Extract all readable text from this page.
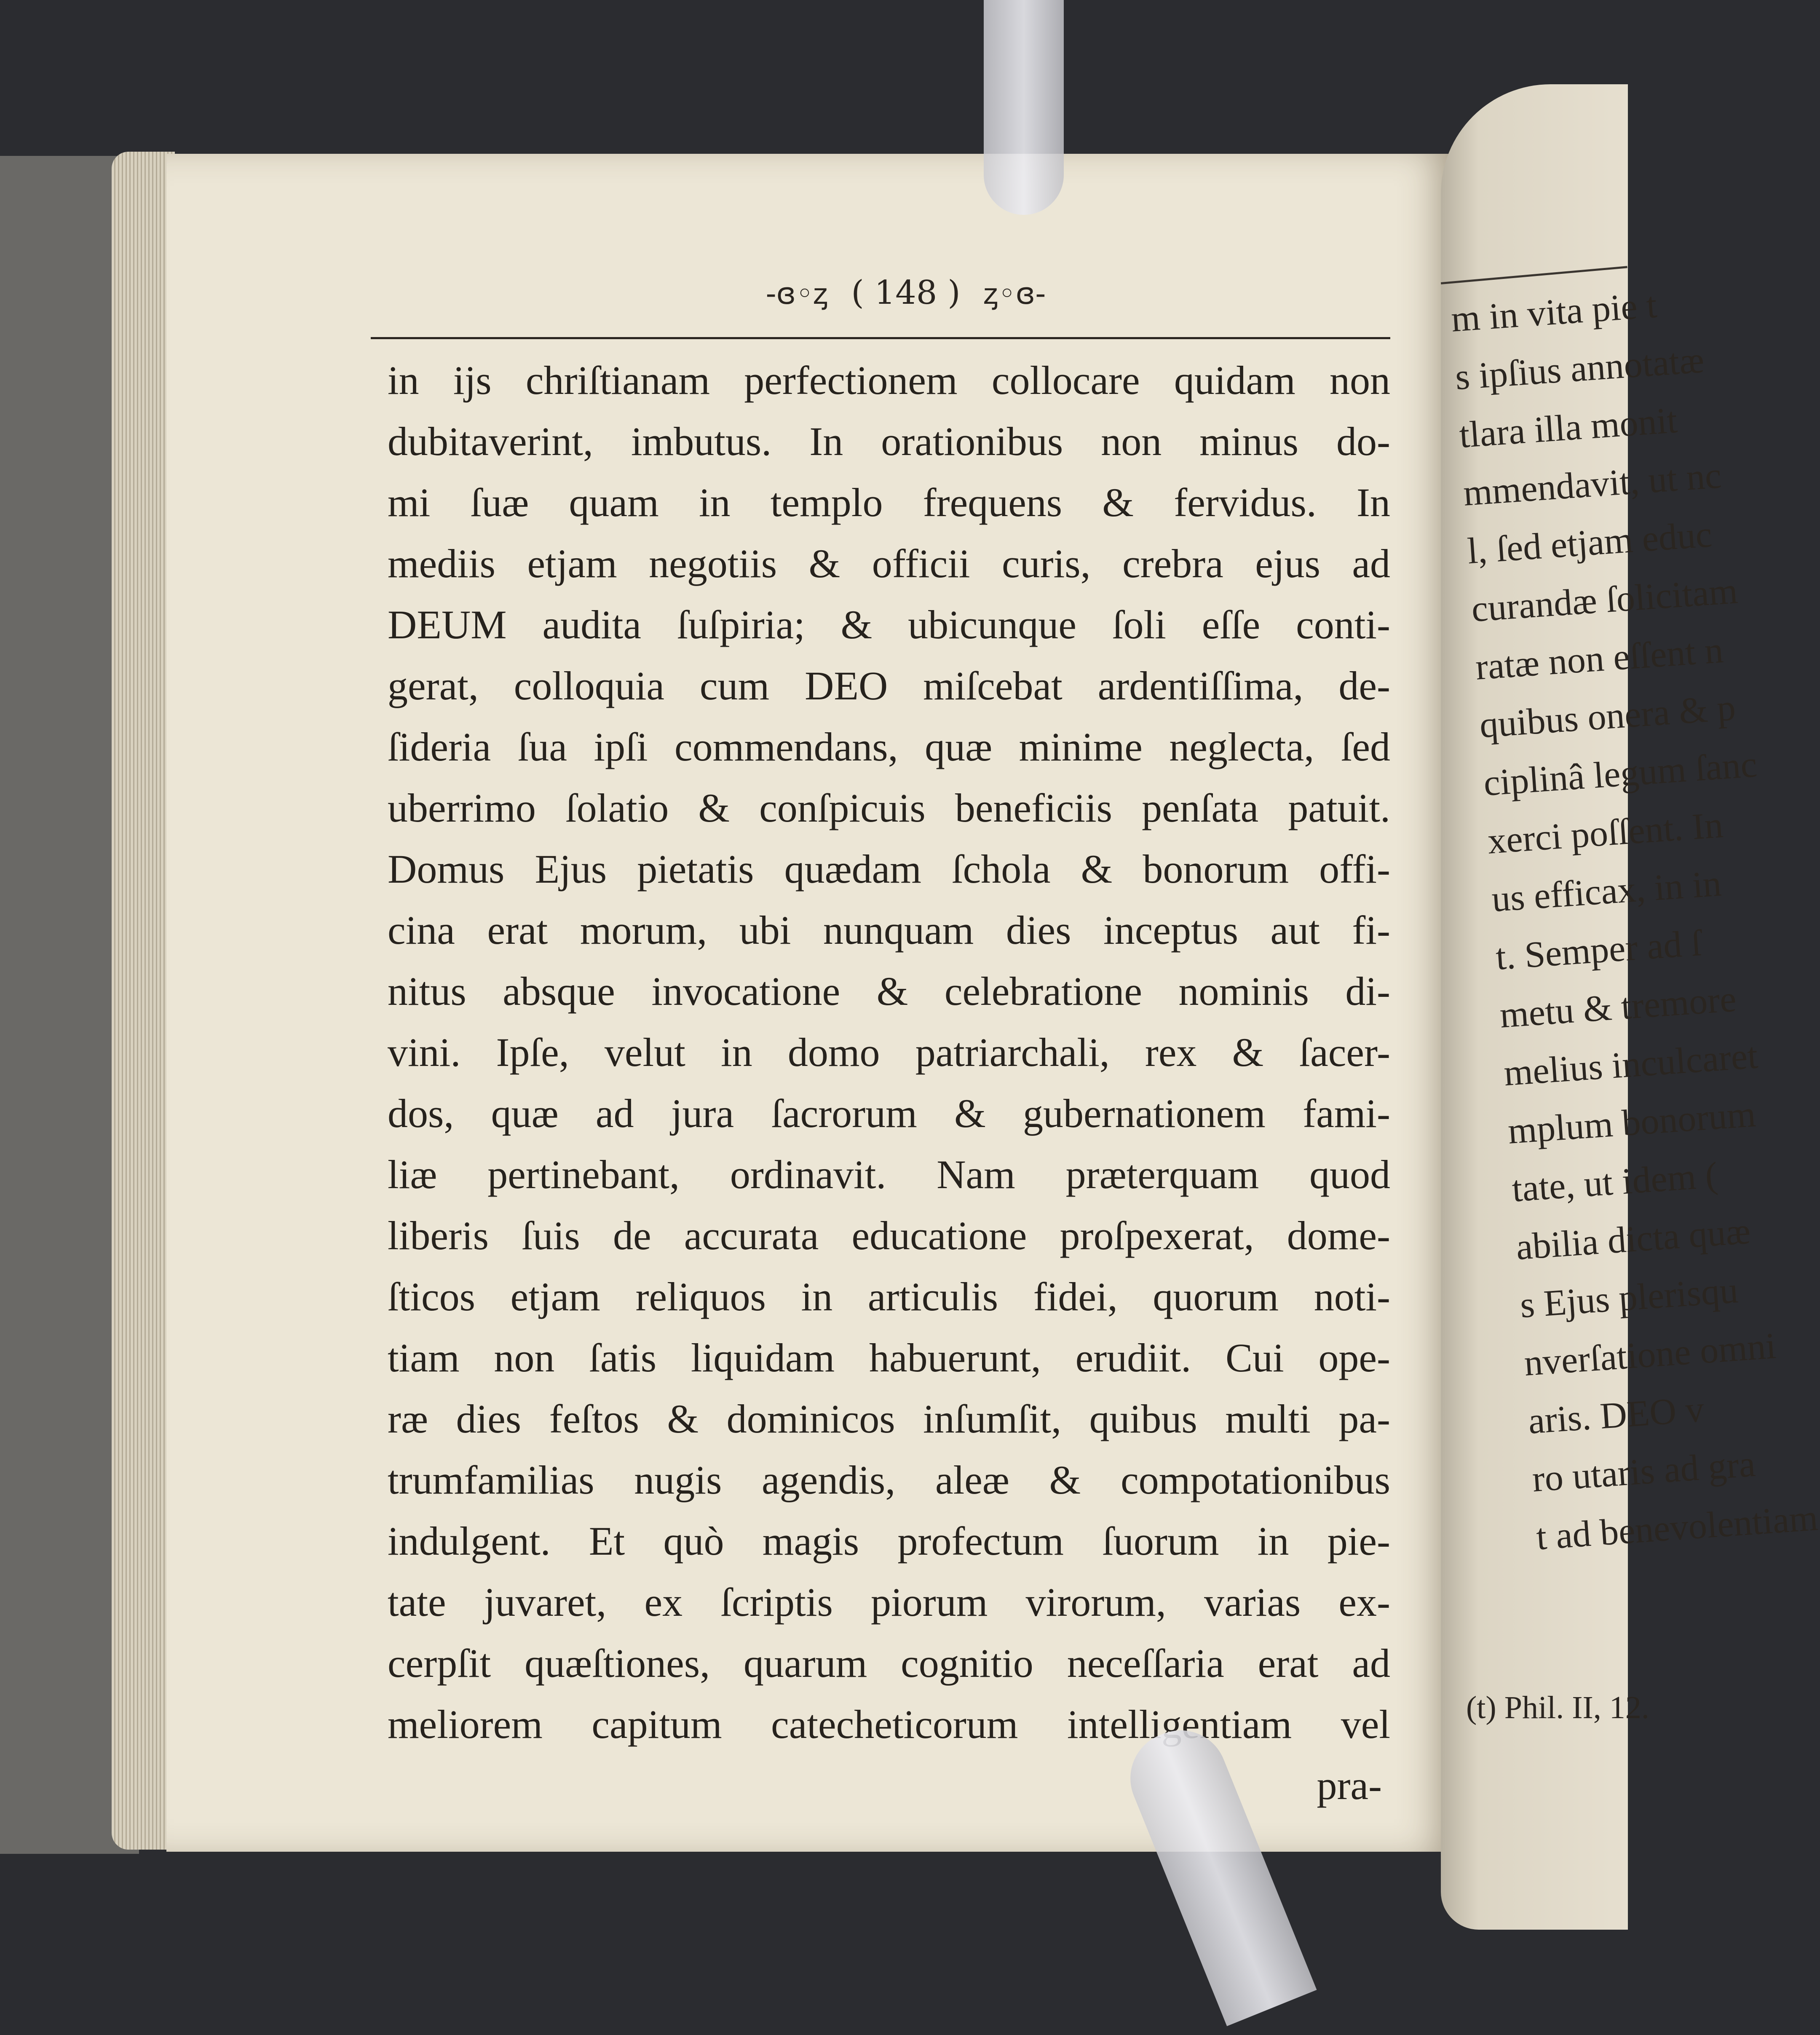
-ɞ◦ᶎ ( 148 ) ᶎ◦ɞ-
in ijs chriſtianam perfectionem collocare quidam non
dubitaverint, imbutus. In orationibus non minus do-
mi ſuæ quam in templo frequens & fervidus. In
mediis etjam negotiis & officii curis, crebra ejus ad
DEUM audita ſuſpiria; & ubicunque ſoli eſſe conti-
gerat, colloquia cum DEO miſcebat ardentiſſima, de-
ſideria ſua ipſi commendans, quæ minime neglecta, ſed
uberrimo ſolatio & conſpicuis beneficiis penſata patuit.
Domus Ejus pietatis quædam ſchola & bonorum offi-
cina erat morum, ubi nunquam dies inceptus aut fi-
nitus absque invocatione & celebratione nominis di-
vini. Ipſe, velut in domo patriarchali, rex & ſacer-
dos, quæ ad jura ſacrorum & gubernationem fami-
liæ pertinebant, ordinavit. Nam præterquam quod
liberis ſuis de accurata educatione proſpexerat, dome-
ſticos etjam reliquos in articulis fidei, quorum noti-
tiam non ſatis liquidam habuerunt, erudiit. Cui ope-
ræ dies feſtos & dominicos inſumſit, quibus multi pa-
trumfamilias nugis agendis, aleæ & compotationibus
indulgent. Et quò magis profectum ſuorum in pie-
tate juvaret, ex ſcriptis piorum virorum, varias ex-
cerpſit quæſtiones, quarum cognitio neceſſaria erat ad
meliorem capitum catecheticorum intelligentiam vel
pra-
m in vita pie t
s ipſius annotatæ
tlara illa monit
mmendavit, ut nc
l, ſed etjam educ
curandæ ſolicitam
ratæ non eſſent n
quibus onera & p
ciplinâ legum ſanc
xerci poſſent. In
us efficax, in in
t. Semper ad ſ
metu & tremore
melius inculcaret
mplum bonorum
tate, ut idem (
abilia dicta quæ
s Ejus plerisqu
nverſatione omni
aris. DEO v
ro utaris ad gra
t ad benevolentiam
(t) Phil. II, 12.
